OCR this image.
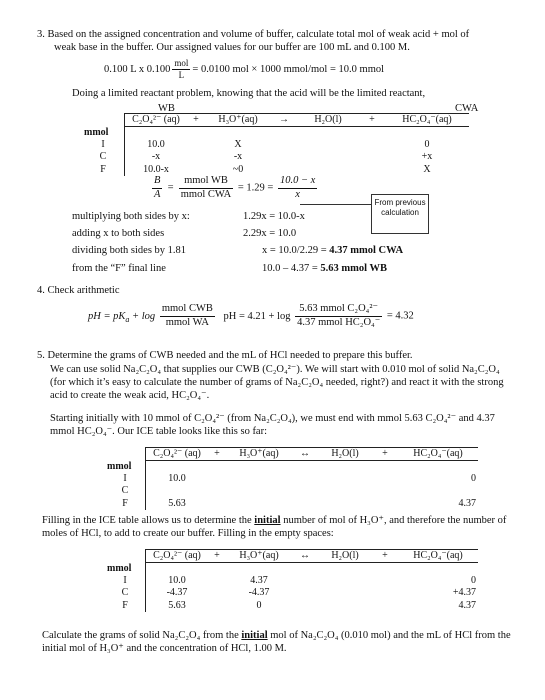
3. Based on the assigned concentration and volume of buffer, calculate total mol of weak acid + mol of
weak base in the buffer. Our assigned values for our buffer are 100 mL and 0.100 M.
0.100 L x $0.100 \frac{\text{mol}}{L} = 0.0100$ mol × 1000 mmol/mol = 10.0 mmol
Doing a limited reactant problem, knowing that the acid will be the limited reactant,
WB	CWA
	C₂O₄²⁻ (aq)	+	H₃O⁺(aq)	→	H₂O(l)	+	HC₂O₄⁻(aq)
mmol							
I	10.0		X				0
C	-x		-x				+x
F	10.0-x		~0				X
$\frac{B}{A} = \frac{\text{mmol WB}}{\text{mmol CWA}} = 1.29 = \frac{10.0 - x}{x}$
From previous calculation
multiplying both sides by x:	1.29x = 10.0-x
adding x to both sides	2.29x = 10.0
dividing both sides by 1.81	x = 10.0/2.29 = 4.37 mmol CWA
from the “F” final line	10.0 – 4.37 = 5.63 mmol WB
4. Check arithmetic
pH = $pK_a + \log \frac{\text{mmol CWB}}{\text{mmol WA}}$ pH = $4.21 + \log \frac{\text{5.63 mmol C₂O₄²⁻}}{\text{4.37 mmol HC₂O₄⁻}} = 4.32$
5. Determine the grams of CWB needed and the mL of HCl needed to prepare this buffer.
We can use solid Na₂C₂O₄ that supplies our CWB (C₂O₄²⁻). We will start with 0.010 mol of solid Na₂C₂O₄ (for which it’s easy to calculate the number of grams of Na₂C₂O₄ needed, right?) and react it with the strong acid to create the weak acid, HC₂O₄⁻.
Starting initially with 10 mmol of C₂O₄²⁻ (from Na₂C₂O₄), we must end with mmol 5.63 C₂O₄²⁻ and 4.37 mmol HC₂O₄⁻. Our ICE table looks like this so far:
	C₂O₄²⁻ (aq)	+	H₃O⁺(aq)	↔	H₂O(l)	+	HC₂O₄⁻(aq)
mmol							
I	10.0						0
C							
F	5.63						4.37
Filling in the ICE table allows us to determine the initial number of mol of H₃O⁺, and therefore the number of moles of HCl, to add to create our buffer. Filling in the empty spaces:
	C₂O₄²⁻ (aq)	+	H₃O⁺(aq)	↔	H₂O(l)	+	HC₂O₄⁻(aq)
mmol							
I	10.0		4.37				0
C	-4.37		-4.37				+4.37
F	5.63		0				4.37
Calculate the grams of solid Na₂C₂O₄ from the initial mol of Na₂C₂O₄ (0.010 mol) and the mL of HCl from the initial mol of H₃O⁺ and the concentration of HCl, 1.00 M.
